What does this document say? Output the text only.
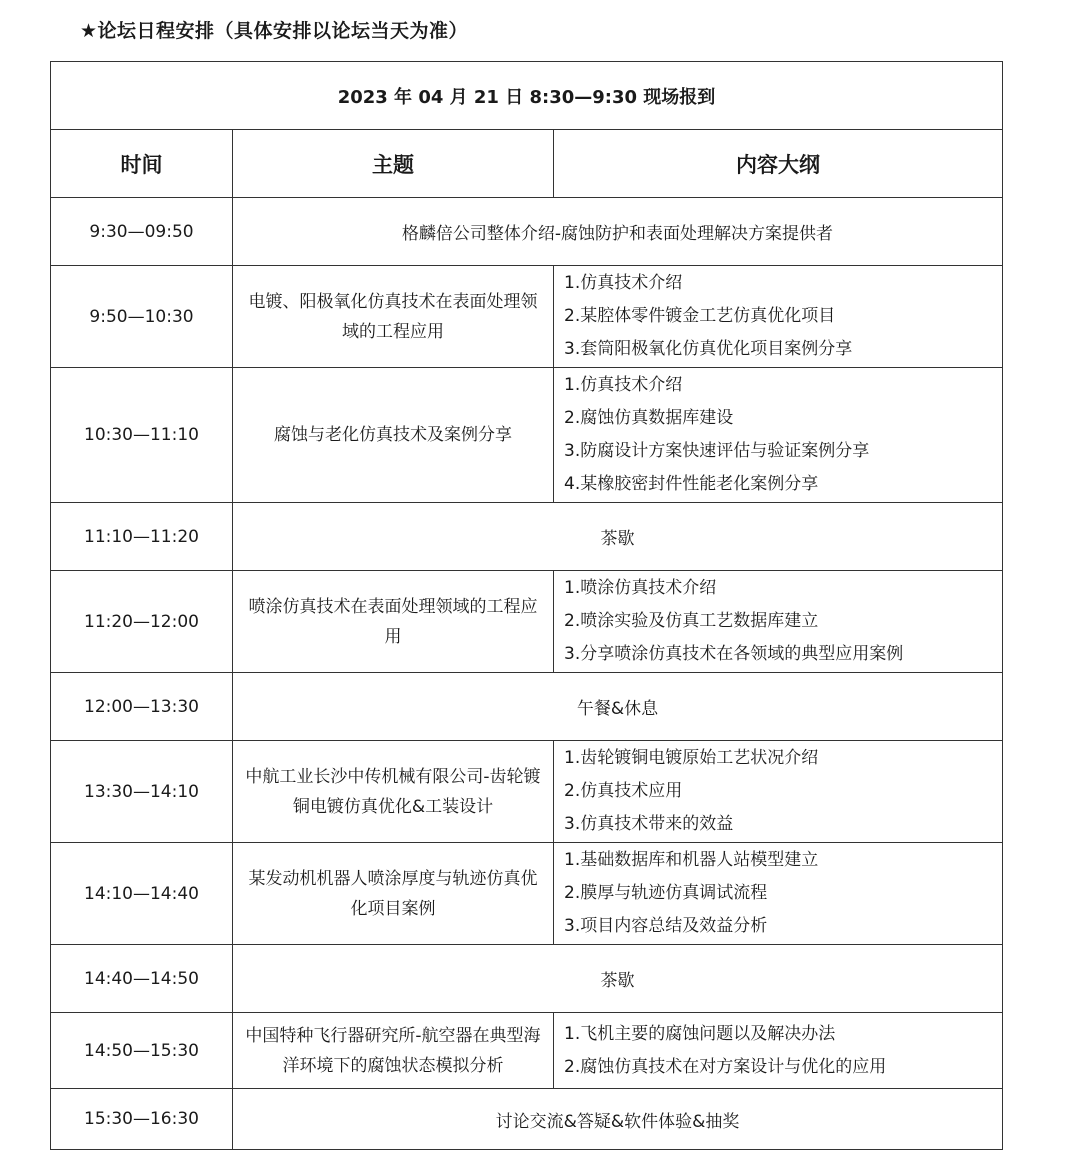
★论坛日程安排（具体安排以论坛当天为准）
2023 年 04 月 21 日 8:30—9:30 现场报到		
时间	主题	内容大纲
9:30—09:50	格麟倍公司整体介绍-腐蚀防护和表面处理解决方案提供者	
9:50—10:30	电镀、阳极氧化仿真技术在表面处理领域的工程应用	1.仿真技术介绍
2.某腔体零件镀金工艺仿真优化项目
3.套筒阳极氧化仿真优化项目案例分享

10:30—11:10	腐蚀与老化仿真技术及案例分享	1.仿真技术介绍
2.腐蚀仿真数据库建设
3.防腐设计方案快速评估与验证案例分享
4.某橡胶密封件性能老化案例分享

11:10—11:20	茶歇	
11:20—12:00	喷涂仿真技术在表面处理领域的工程应用	1.喷涂仿真技术介绍
2.喷涂实验及仿真工艺数据库建立
3.分享喷涂仿真技术在各领域的典型应用案例

12:00—13:30	午餐&休息	
13:30—14:10	中航工业长沙中传机械有限公司-齿轮镀铜电镀仿真优化&工装设计	1.齿轮镀铜电镀原始工艺状况介绍
2.仿真技术应用
3.仿真技术带来的效益

14:10—14:40	某发动机机器人喷涂厚度与轨迹仿真优化项目案例	1.基础数据库和机器人站模型建立
2.膜厚与轨迹仿真调试流程
3.项目内容总结及效益分析

14:40—14:50	茶歇	
14:50—15:30	中国特种飞行器研究所-航空器在典型海洋环境下的腐蚀状态模拟分析	1.飞机主要的腐蚀问题以及解决办法
2.腐蚀仿真技术在对方案设计与优化的应用

15:30—16:30	讨论交流&答疑&软件体验&抽奖	
